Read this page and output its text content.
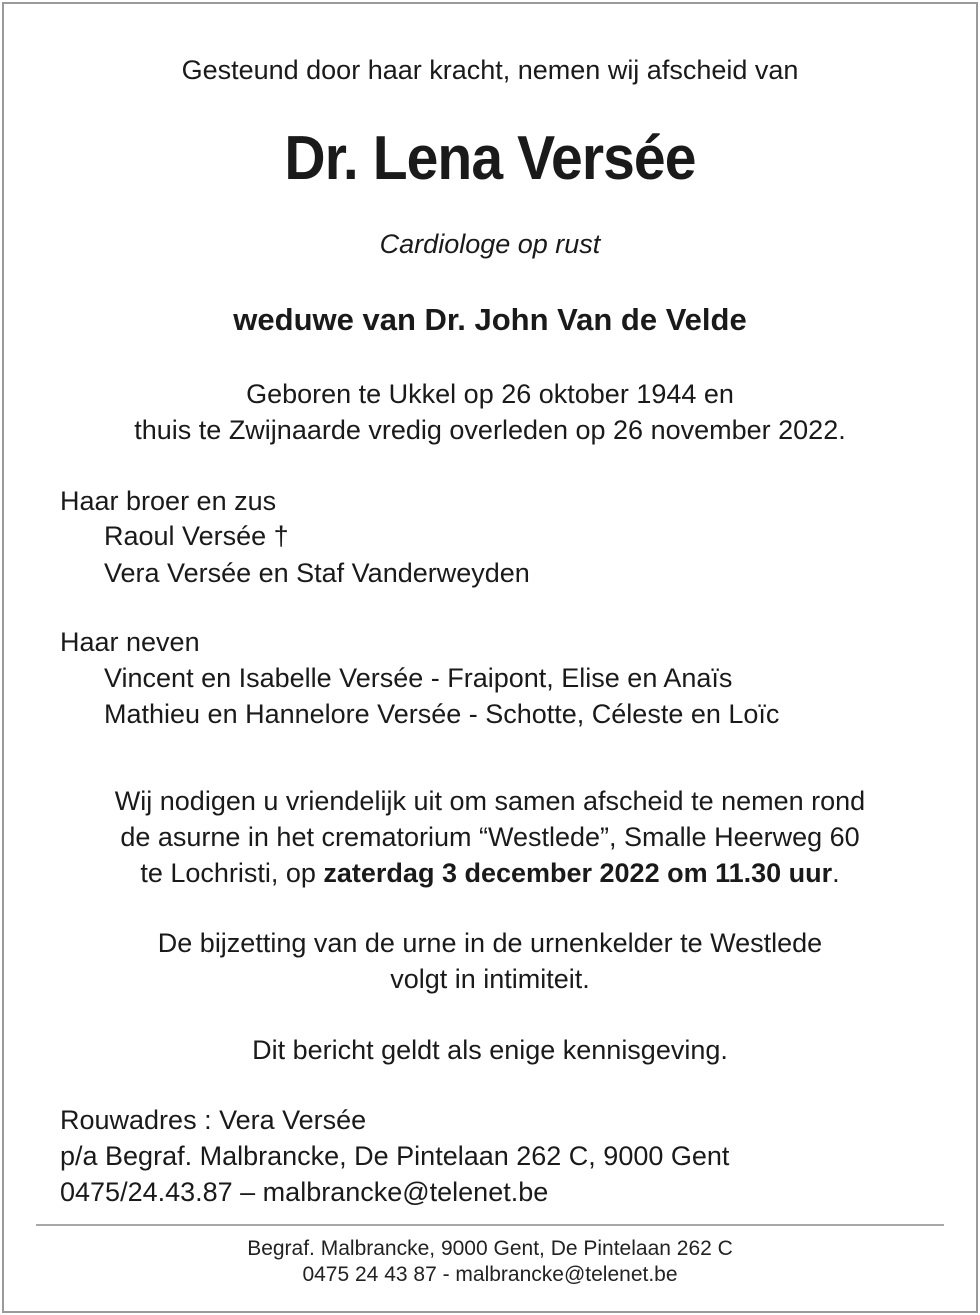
Gesteund door haar kracht, nemen wij afscheid van
Dr. Lena Versée
Cardiologe op rust
weduwe van Dr. John Van de Velde
Geboren te Ukkel op 26 oktober 1944 en
thuis te Zwijnaarde vredig overleden op 26 november 2022.
Haar broer en zus
Raoul Versée †
Vera Versée en Staf Vanderweyden
Haar neven
Vincent en Isabelle Versée - Fraipont, Elise en Anaïs
Mathieu en Hannelore Versée - Schotte, Céleste en Loïc
Wij nodigen u vriendelijk uit om samen afscheid te nemen rond
de asurne in het crematorium “Westlede”, Smalle Heerweg 60
te Lochristi, op zaterdag 3 december 2022 om 11.30 uur.
De bijzetting van de urne in de urnenkelder te Westlede
volgt in intimiteit.
Dit bericht geldt als enige kennisgeving.
Rouwadres : Vera Versée
p/a Begraf. Malbrancke, De Pintelaan 262 C, 9000 Gent
0475/24.43.87 – malbrancke@telenet.be
Begraf. Malbrancke, 9000 Gent, De Pintelaan 262 C
0475 24 43 87 - malbrancke@telenet.be
